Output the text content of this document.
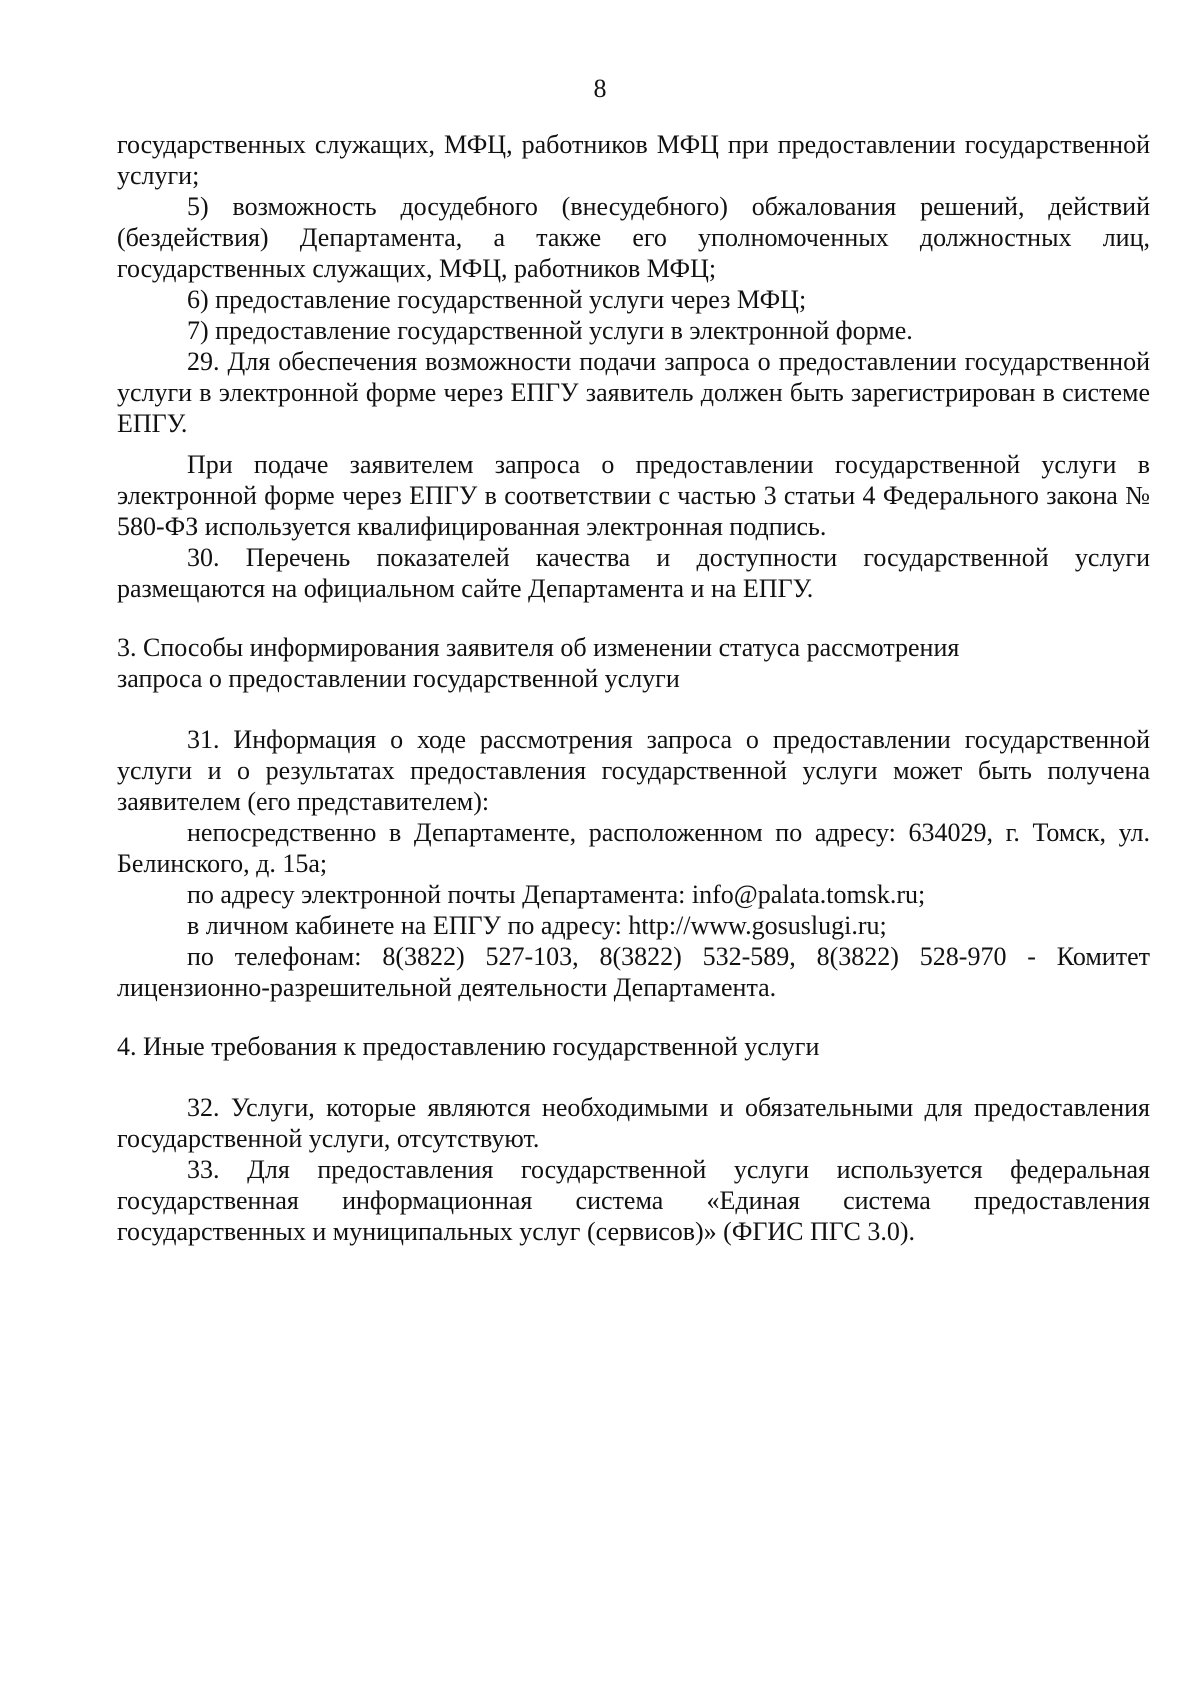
8

государственных служащих, МФЦ, работников МФЦ при предоставлении государственной услуги;

5) возможность досудебного (внесудебного) обжалования решений, действий (бездействия) Департамента, а также его уполномоченных должностных лиц, государственных служащих, МФЦ, работников МФЦ;

6) предоставление государственной услуги через МФЦ;

7) предоставление государственной услуги в электронной форме.

29. Для обеспечения возможности подачи запроса о предоставлении государственной услуги в электронной форме через ЕПГУ заявитель должен быть зарегистрирован в системе ЕПГУ.

При подаче заявителем запроса о предоставлении государственной услуги в электронной форме через ЕПГУ в соответствии с частью 3 статьи 4 Федерального закона № 580-ФЗ используется квалифицированная электронная подпись.

30. Перечень показателей качества и доступности государственной услуги размещаются на официальном сайте Департамента и на ЕПГУ.

3. Способы информирования заявителя об изменении статуса рассмотрения

запроса о предоставлении государственной услуги

31. Информация о ходе рассмотрения запроса о предоставлении государственной услуги и о результатах предоставления государственной услуги может быть получена заявителем (его представителем):

непосредственно в Департаменте, расположенном по адресу: 634029, г. Томск, ул. Белинского, д. 15а;

по адресу электронной почты Департамента: info@palata.tomsk.ru;

в личном кабинете на ЕПГУ по адресу: http://www.gosuslugi.ru;

по телефонам: 8(3822) 527-103, 8(3822) 532-589, 8(3822) 528-970 - Комитет лицензионно-разрешительной деятельности Департамента.

4. Иные требования к предоставлению государственной услуги

32. Услуги, которые являются необходимыми и обязательными для предоставления государственной услуги, отсутствуют.

33. Для предоставления государственной услуги используется федеральная государственная информационная система «Единая система предоставления государственных и муниципальных услуг (сервисов)» (ФГИС ПГС 3.0).
